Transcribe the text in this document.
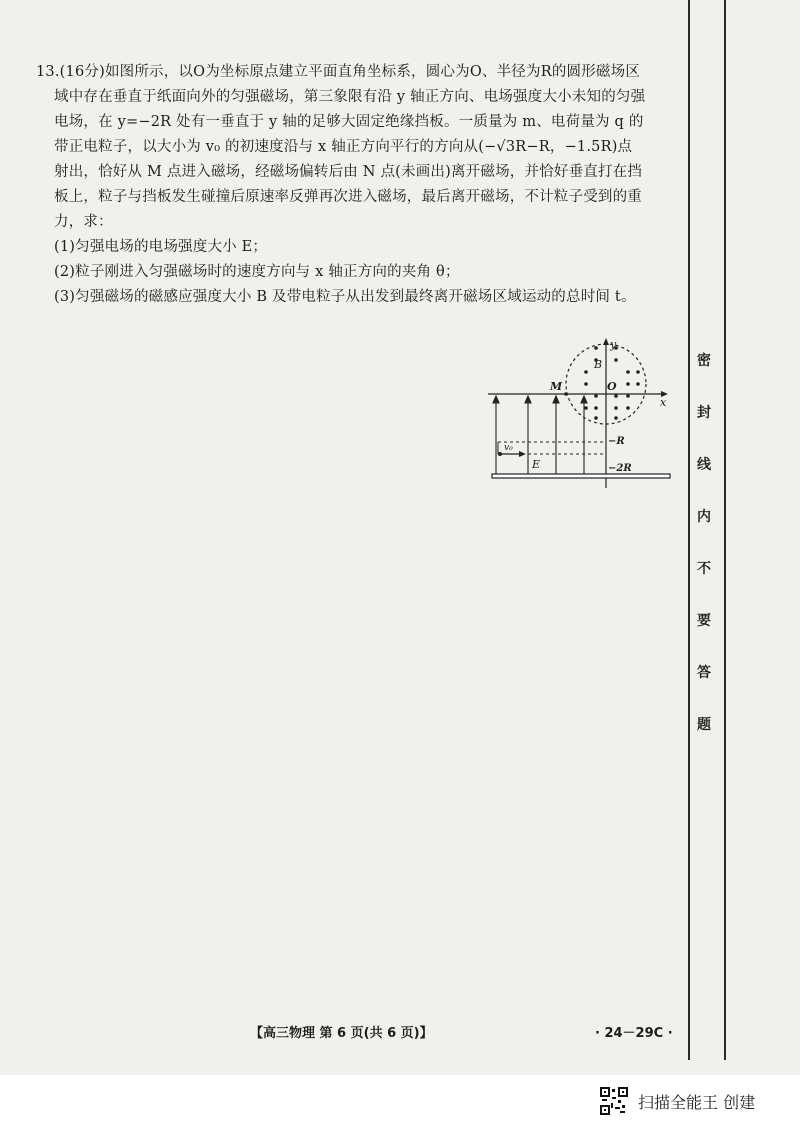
13.(16分)如图所示，以O为坐标原点建立平面直角坐标系，圆心为O、半径为R的圆形磁场区

域中存在垂直于纸面向外的匀强磁场，第三象限有沿 y 轴正方向、电场强度大小未知的匀强

电场，在 y=−2R 处有一垂直于 y 轴的足够大固定绝缘挡板。一质量为 m、电荷量为 q 的

带正电粒子，以大小为 v₀ 的初速度沿与 x 轴正方向平行的方向从(−√3R−R，−1.5R)点

射出，恰好从 M 点进入磁场，经磁场偏转后由 N 点(未画出)离开磁场，并恰好垂直打在挡

板上，粒子与挡板发生碰撞后原速率反弹再次进入磁场，最后离开磁场，不计粒子受到的重

力，求：

(1)匀强电场的电场强度大小 E；

(2)粒子刚进入匀强磁场时的速度方向与 x 轴正方向的夹角 θ；

(3)匀强磁场的磁感应强度大小 B 及带电粒子从出发到最终离开磁场区域运动的总时间 t。

y
x
B
O
M
v₀
E
−R
−2R
密
封
线
内
不
要
答
题
【高三物理 第 6 页(共 6 页)】	· 24－29C ·
扫描全能王 创建
